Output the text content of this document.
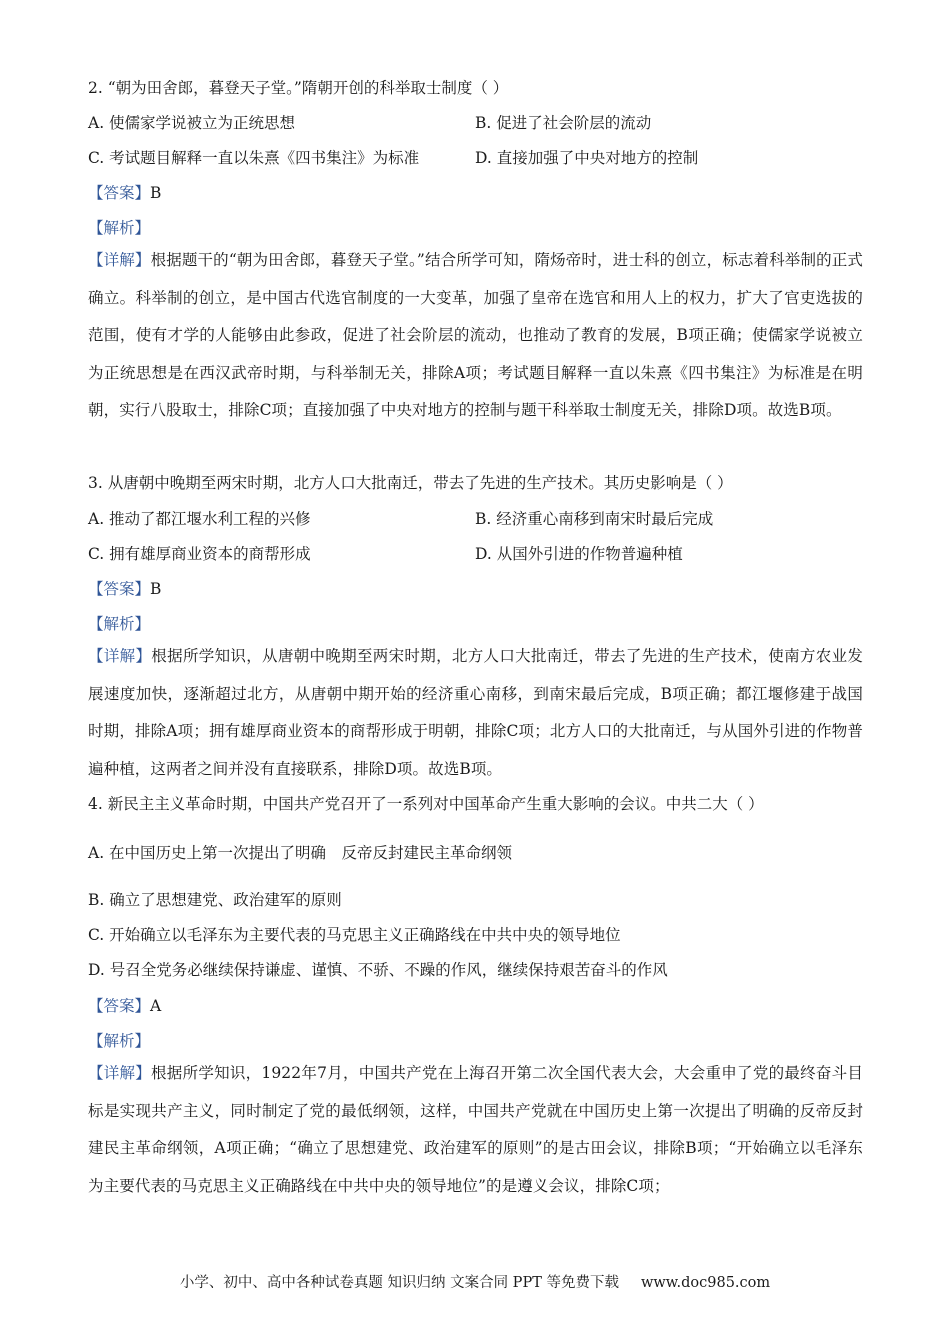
2. “朝为田舍郎，暮登天子堂。”隋朝开创的科举取士制度（ ）
A. 使儒家学说被立为正统思想	B. 促进了社会阶层的流动
C. 考试题目解释一直以朱熹《四书集注》为标准	D. 直接加强了中央对地方的控制
【答案】B
【解析】
【详解】根据题干的“朝为田舍郎，暮登天子堂。”结合所学可知，隋炀帝时，进士科的创立，标志着科举制的正式确立。科举制的创立，是中国古代选官制度的一大变革，加强了皇帝在选官和用人上的权力，扩大了官吏选拔的范围，使有才学的人能够由此参政，促进了社会阶层的流动，也推动了教育的发展，B项正确；使儒家学说被立为正统思想是在西汉武帝时期，与科举制无关，排除A项；考试题目解释一直以朱熹《四书集注》为标准是在明朝，实行八股取士，排除C项；直接加强了中央对地方的控制与题干科举取士制度无关，排除D项。故选B项。
3. 从唐朝中晚期至两宋时期，北方人口大批南迁，带去了先进的生产技术。其历史影响是（ ）
A. 推动了都江堰水利工程的兴修	B. 经济重心南移到南宋时最后完成
C. 拥有雄厚商业资本的商帮形成	D. 从国外引进的作物普遍种植
【答案】B
【解析】
【详解】根据所学知识，从唐朝中晚期至两宋时期，北方人口大批南迁，带去了先进的生产技术，使南方农业发展速度加快，逐渐超过北方，从唐朝中期开始的经济重心南移，到南宋最后完成，B项正确；都江堰修建于战国时期，排除A项；拥有雄厚商业资本的商帮形成于明朝，排除C项；北方人口的大批南迁，与从国外引进的作物普遍种植，这两者之间并没有直接联系，排除D项。故选B项。
4. 新民主主义革命时期，中国共产党召开了一系列对中国革命产生重大影响的会议。中共二大（ ）
A. 在中国历史上第一次提出了明确　反帝反封建民主革命纲领
B. 确立了思想建党、政治建军的原则
C. 开始确立以毛泽东为主要代表的马克思主义正确路线在中共中央的领导地位
D. 号召全党务必继续保持谦虚、谨慎、不骄、不躁的作风，继续保持艰苦奋斗的作风
【答案】A
【解析】
【详解】根据所学知识，1922年7月，中国共产党在上海召开第二次全国代表大会，大会重申了党的最终奋斗目标是实现共产主义，同时制定了党的最低纲领，这样，中国共产党就在中国历史上第一次提出了明确的反帝反封建民主革命纲领，A项正确；“确立了思想建党、政治建军的原则”的是古田会议，排除B项；“开始确立以毛泽东为主要代表的马克思主义正确路线在中共中央的领导地位”的是遵义会议，排除C项；
小学、初中、高中各种试卷真题 知识归纳 文案合同 PPT 等免费下载 www.doc985.com
